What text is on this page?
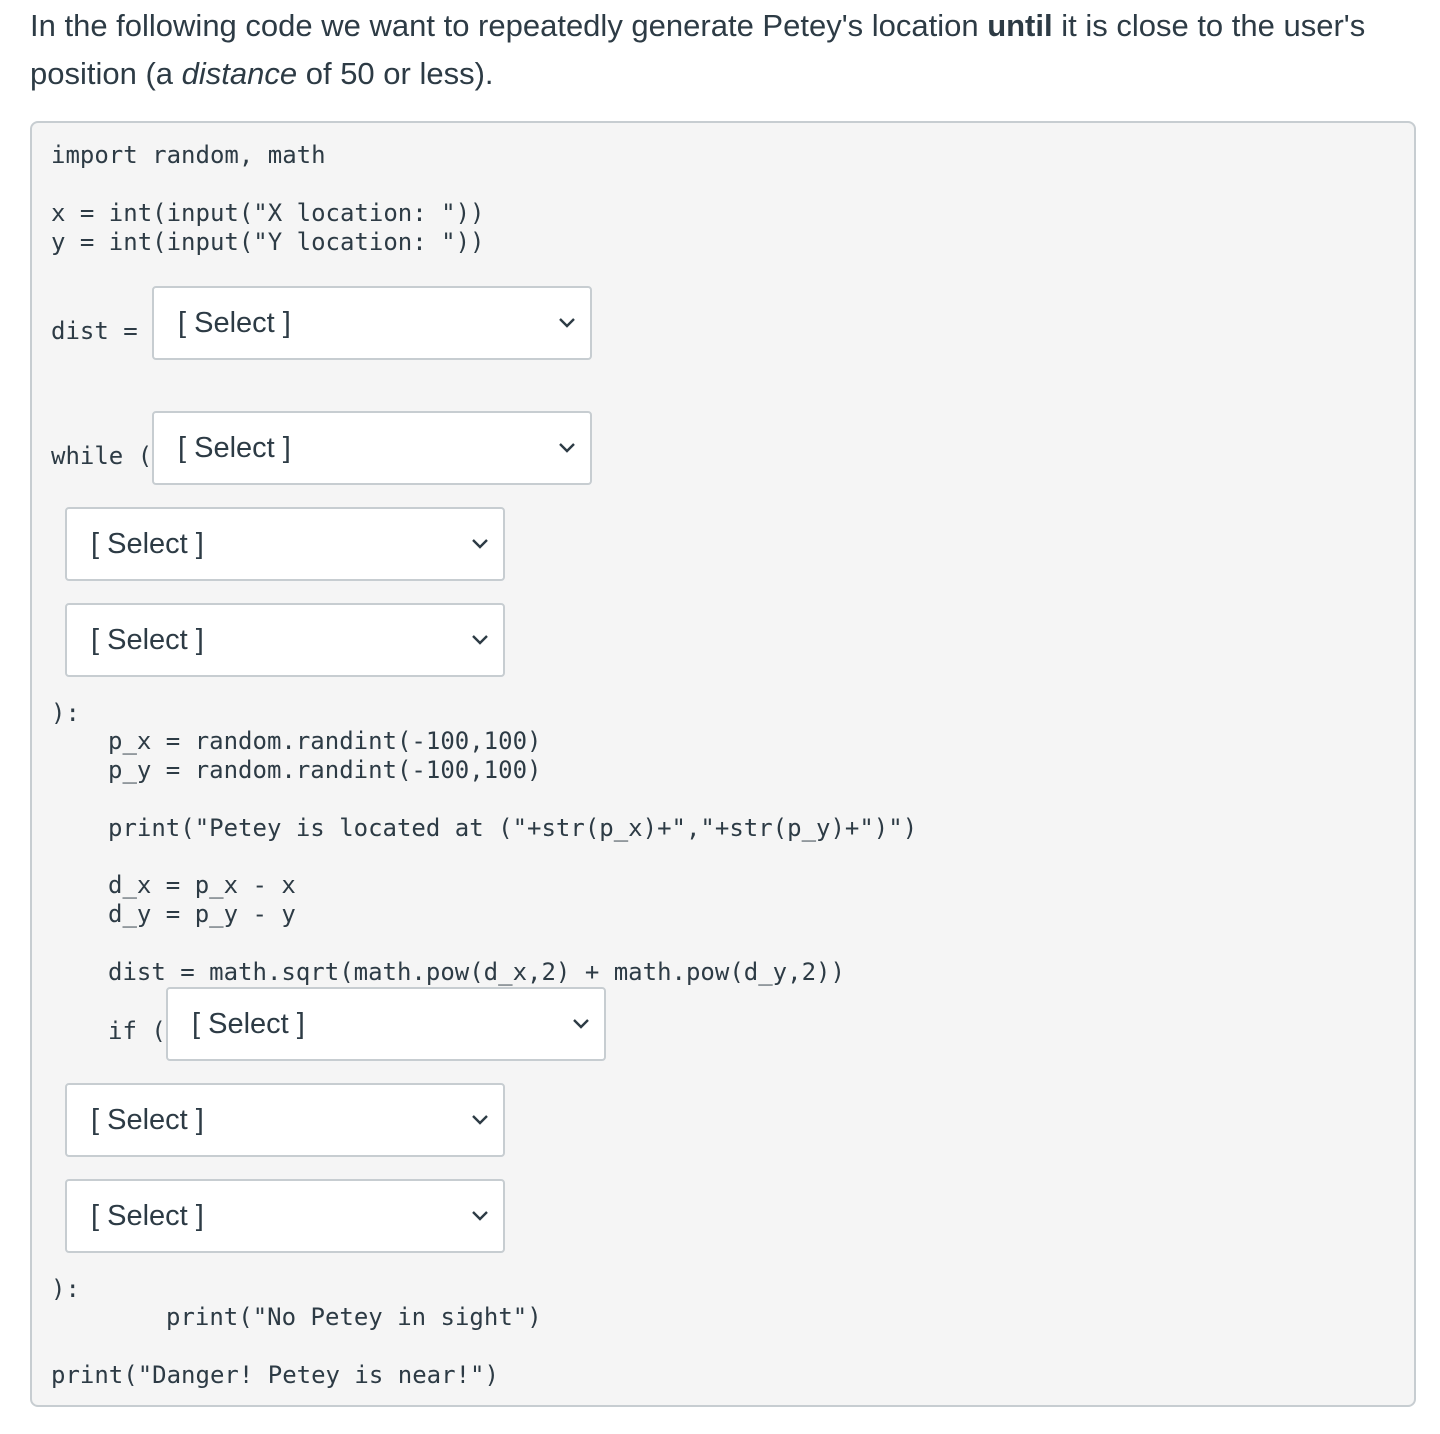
In the following code we want to repeatedly generate Petey's location until it is close to the user's position (a distance of 50 or less).

import random, math
x = int(input("X location: "))
y = int(input("Y location: "))
dist = [ Select ]
while ( [ Select ]
[ Select ]
[ Select ]
):
p_x = random.randint(-100,100)
p_y = random.randint(-100,100)
print("Petey is located at ("+str(p_x)+","+str(p_y)+")")
d_x = p_x - x
d_y = p_y - y
dist = math.sqrt(math.pow(d_x,2) + math.pow(d_y,2))
if ( [ Select ]
[ Select ]
[ Select ]
):
print("No Petey in sight")
print("Danger! Petey is near!")
